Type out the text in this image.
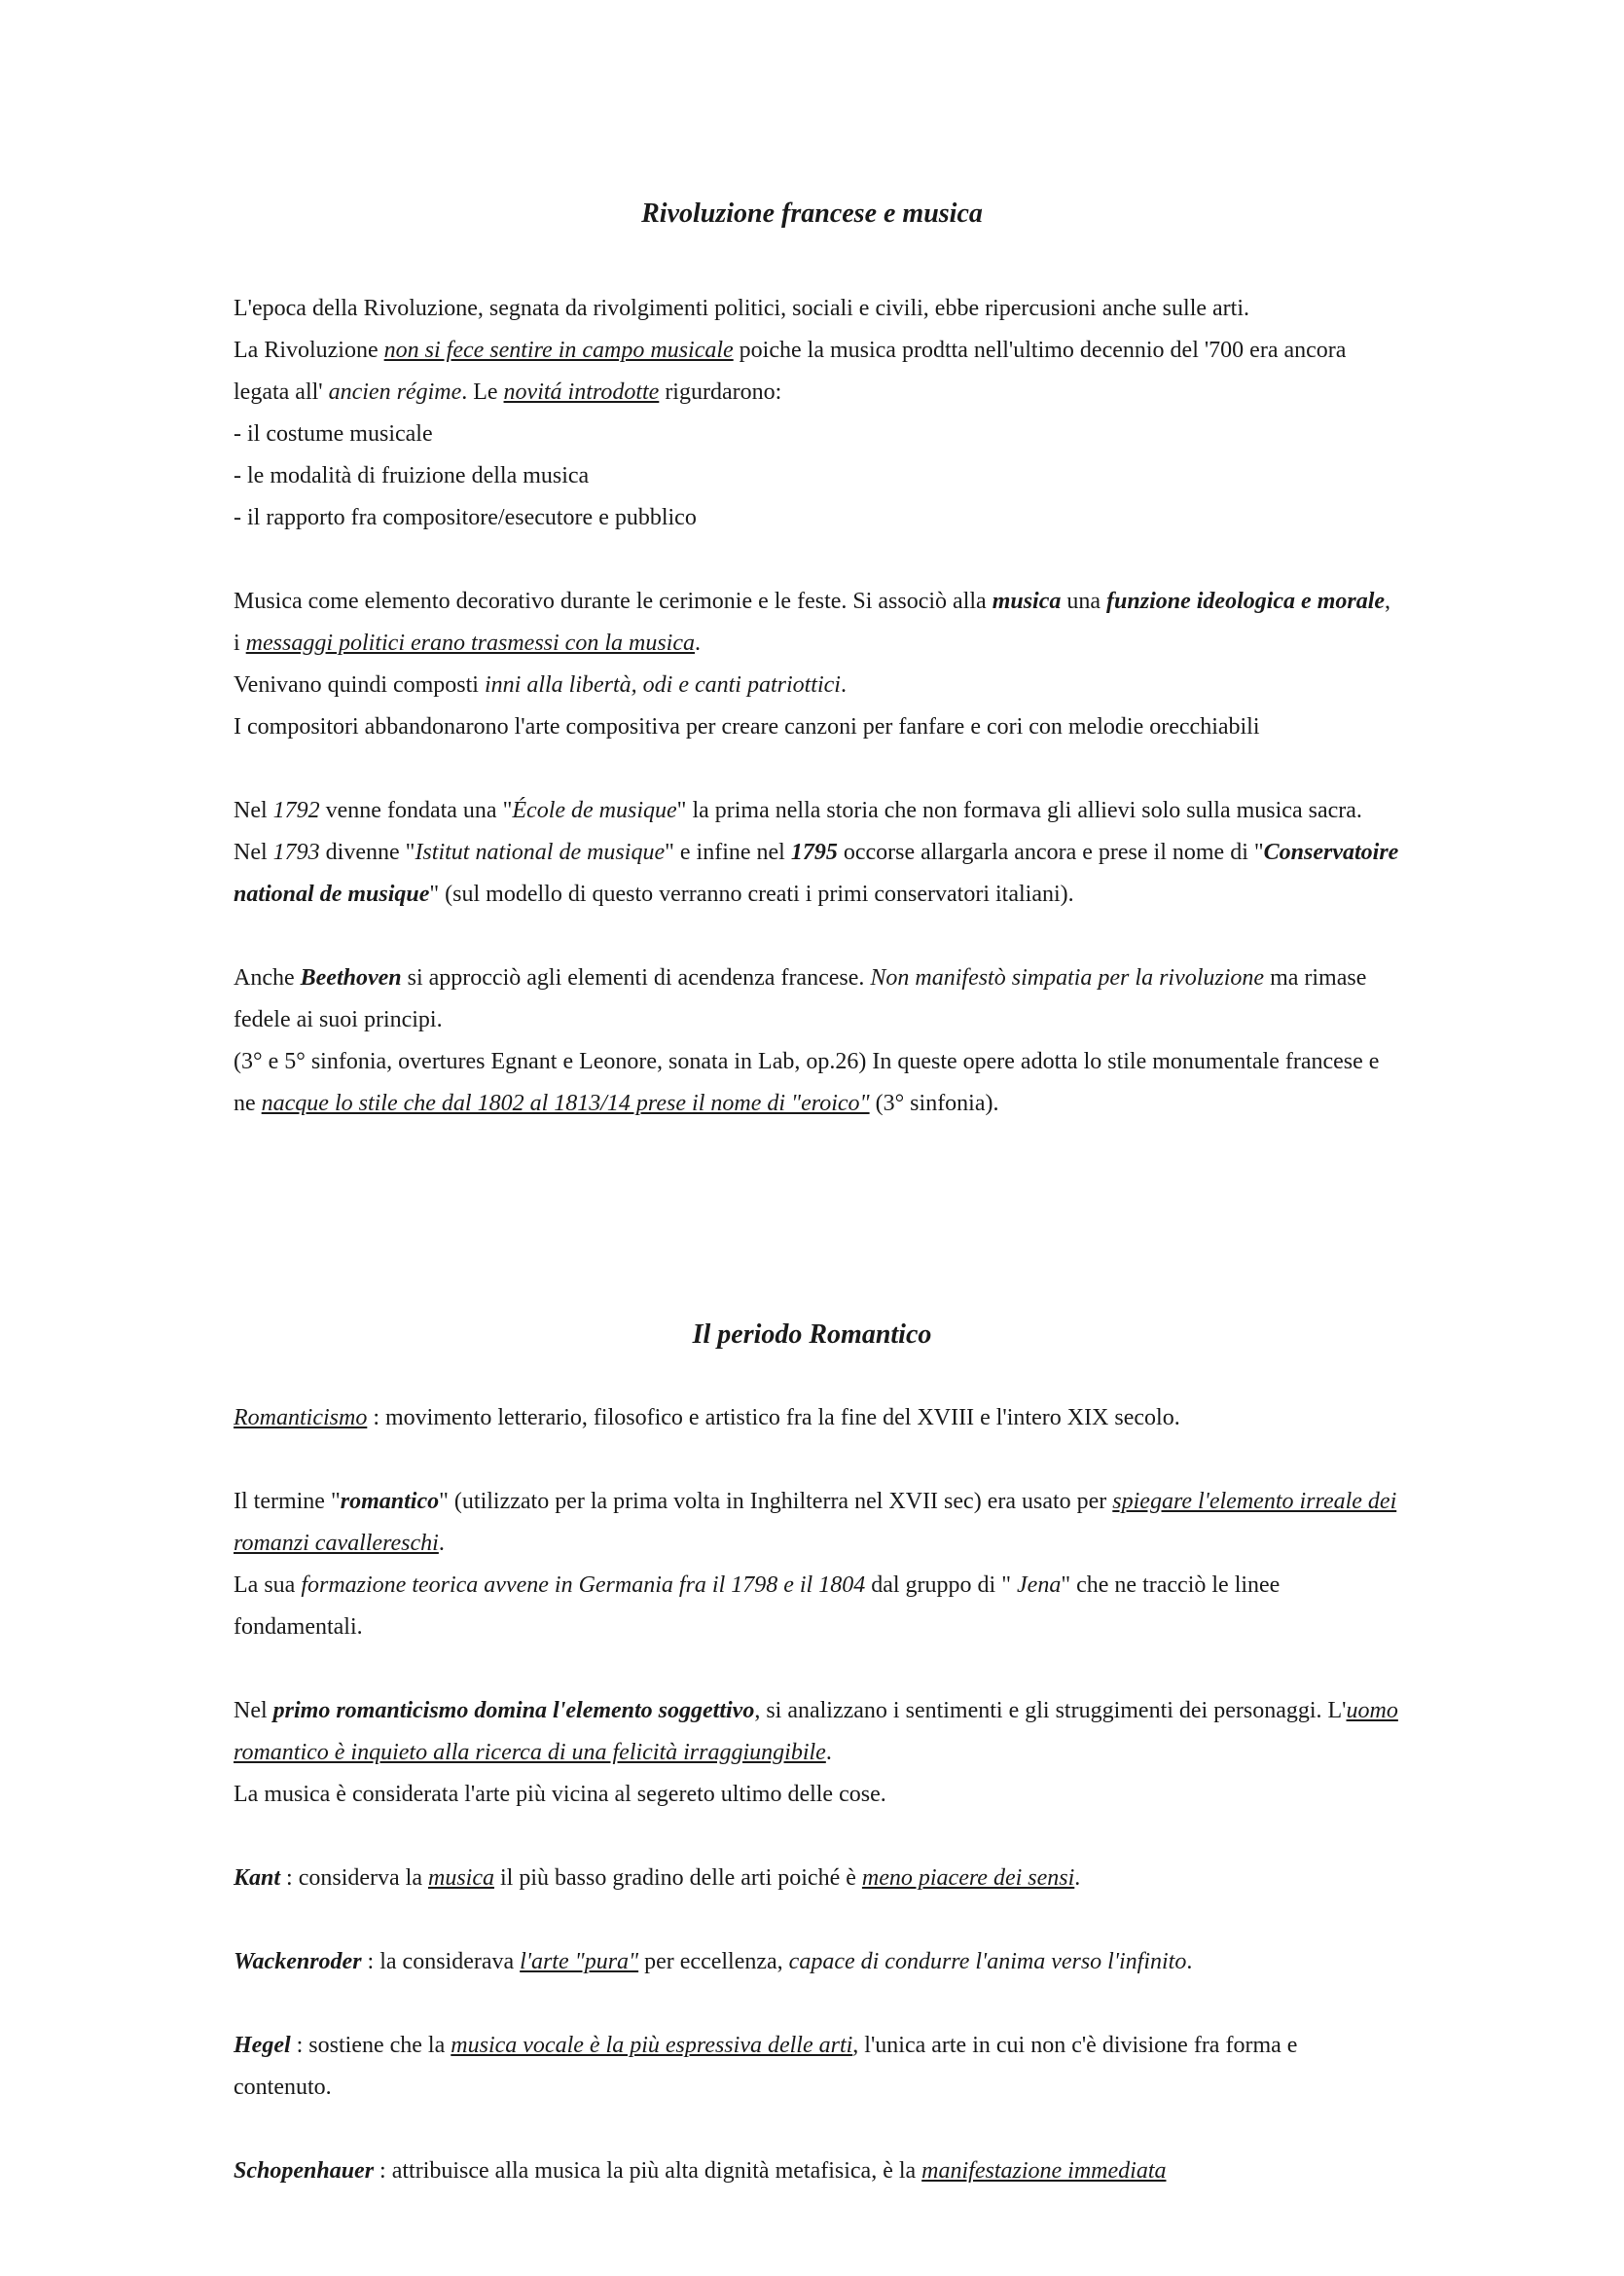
Rivoluzione francese e musica

L'epoca della Rivoluzione, segnata da rivolgimenti politici, sociali e civili, ebbe ripercusioni anche sulle arti.

La Rivoluzione non si fece sentire in campo musicale poiche la musica prodtta nell'ultimo decennio del '700 era ancora legata all' ancien régime. Le novitá introdotte rigurdarono:

- il costume musicale

- le modalità di fruizione della musica

- il rapporto fra compositore/esecutore e pubblico

Musica come elemento decorativo durante le cerimonie e le feste. Si associò alla musica una funzione ideologica e morale, i messaggi politici erano trasmessi con la musica.

Venivano quindi composti inni alla libertà, odi e canti patriottici.

I compositori abbandonarono l'arte compositiva per creare canzoni per fanfare e cori con melodie orecchiabili

Nel 1792 venne fondata una "École de musique" la prima nella storia che non formava gli allievi solo sulla musica sacra. Nel 1793 divenne "Istitut national de musique" e infine nel 1795 occorse allargarla ancora e prese il nome di "Conservatoire national de musique" (sul modello di questo verranno creati i primi conservatori italiani).

Anche Beethoven si approcciò agli elementi di acendenza francese. Non manifestò simpatia per la rivoluzione ma rimase fedele ai suoi principi.

(3° e 5° sinfonia, overtures Egnant e Leonore, sonata in Lab, op.26) In queste opere adotta lo stile monumentale francese e ne nacque lo stile che dal 1802 al 1813/14 prese il nome di "eroico" (3° sinfonia).

Il periodo Romantico

Romanticismo : movimento letterario, filosofico e artistico fra la fine del XVIII e l'intero XIX secolo.

Il termine "romantico" (utilizzato per la prima volta in Inghilterra nel XVII sec) era usato per spiegare l'elemento irreale dei romanzi cavallereschi.

La sua formazione teorica avvene in Germania fra il 1798 e il 1804 dal gruppo di " Jena" che ne tracciò le linee fondamentali.

Nel primo romanticismo domina l'elemento soggettivo, si analizzano i sentimenti e gli struggimenti dei personaggi. L'uomo romantico è inquieto alla ricerca di una felicità irraggiungibile.

La musica è considerata l'arte più vicina al segereto ultimo delle cose.

Kant : considerva la musica il più basso gradino delle arti poiché è meno piacere dei sensi.

Wackenroder : la considerava l'arte "pura" per eccellenza, capace di condurre l'anima verso l'infinito.

Hegel : sostiene che la musica vocale è la più espressiva delle arti, l'unica arte in cui non c'è divisione fra forma e contenuto.

Schopenhauer : attribuisce alla musica la più alta dignità metafisica, è la manifestazione immediata
